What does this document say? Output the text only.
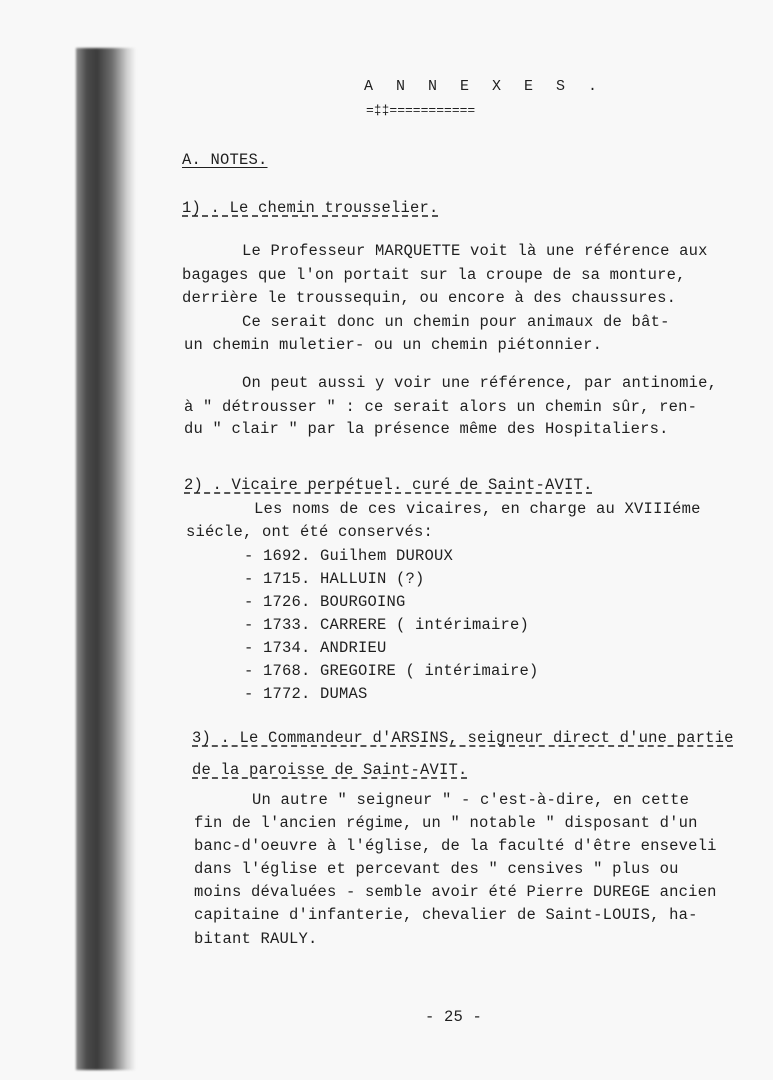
A N N E X E S .
=‡‡===========
A. NOTES.
1) . Le chemin trousselier.
Le Professeur MARQUETTE voit là une référence aux
bagages que l'on portait sur la croupe de sa monture,
derrière le troussequin, ou encore à des chaussures.
Ce serait donc un chemin pour animaux de bât-
un chemin muletier- ou un chemin piétonnier.
On peut aussi y voir une référence, par antinomie,
à " détrousser " : ce serait alors un chemin sûr, ren-
du " clair " par la présence même des Hospitaliers.
2) . Vicaire perpétuel. curé de Saint-AVIT.
Les noms de ces vicaires, en charge au XVIIIéme
siécle, ont été conservés:
- 1692. Guilhem DUROUX
- 1715. HALLUIN (?)
- 1726. BOURGOING
- 1733. CARRERE ( intérimaire)
- 1734. ANDRIEU
- 1768. GREGOIRE ( intérimaire)
- 1772. DUMAS
3) . Le Commandeur d'ARSINS, seigneur direct d'une partie
de la paroisse de Saint-AVIT.
Un autre " seigneur " - c'est-à-dire, en cette
fin de l'ancien régime, un " notable " disposant d'un
banc-d'oeuvre à l'église, de la faculté d'être enseveli
dans l'église et percevant des " censives " plus ou
moins dévaluées - semble avoir été Pierre DUREGE ancien
capitaine d'infanterie, chevalier de Saint-LOUIS, ha-
bitant RAULY.
- 25 -
